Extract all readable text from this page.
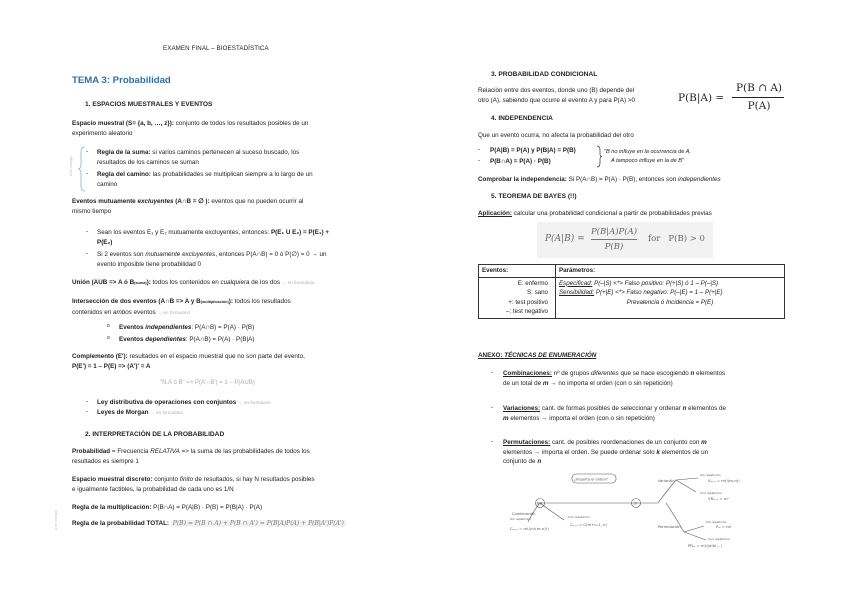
EXAMEN FINAL – BIOESTADÍSTICA
TEMA 3: Probabilidad
1. ESPACIOS MUESTRALES Y EVENTOS
Espacio muestral (S= {a, b, …, z}): conjunto de todos los resultados posibles de un
experimento aleatorio
a mi colegio
- Regla de la suma: si varios caminos pertenecen al suceso buscado, los
resultados de los caminos se suman
- Regla del camino: las probabilidades se multiplican siempre a lo largo de un
camino
Eventos mutuamente excluyentes (A∩B = ∅ ): eventos que no pueden ocurrir al
mismo tiempo
- Sean los eventos E₁ y E₂ mutuamente excluyentes, entonces: P(E₁ U E₂) = P(E₁) +
P(E₂)
- Si 2 eventos son mutuamente excluyentes, entonces P(A∩B) = 0 ó P(∅) = 0 → un
evento imposible tiene probabilidad 0
Unión (AUB => A ó B(suma)): todos los contenidos en cualquiera de los dos → en formulario
Intersección de dos eventos (A∩B => A y B(multiplicación)): todos los resultados
contenidos en ambos eventos → en formulario
o Eventos independientes: P(A∩B) = P(A) · P(B)
o Eventos dependientes: P(A∩B) = P(A) · P(B|A)
Complemento (E'): resultados en el espacio muestral que no son parte del evento,
P(E') = 1 – P(E) => (A')' = A
"N.A ó B" => P(A'∩B') = 1 – P(AUB)
- Ley distributiva de operaciones con conjuntos → en formulario
- Leyes de Morgan → en formulario
2. INTERPRETACIÓN DE LA PROBABILIDAD
Probabilidad = Frecuencia RELATIVA => la suma de las probabilidades de todos los
resultados es siempre 1
Espacio muestral discreto: conjunto finito de resultados, si hay N resultados posibles
e igualmente factibles, la probabilidad de cada uno es 1/N
a mi colegio
Regla de la multiplicación: P(B∩A) = P(A|B) · P(B) = P(B|A) · P(A)
Regla de la probabilidad TOTAL: P(B) = P(B ∩ A) + P(B ∩ A') = P(B|A)P(A) + P(B|A')P(A')
3. PROBABILIDAD CONDICIONAL
Relación entre dos eventos, donde uno (B) depende del
otro (A), sabiendo que ocurre el evento A y para P(A) >0	P(B|A) =
P(B ∩ A)
P(A)
4. INDEPENDENCIA
Que un evento ocurra, no afecta la probabilidad del otro
- P(A|B) = P(A) y P(B|A) = P(B)
- P(B∩A) = P(A) · P(B)
"B no influye en la ocurrencia de A,
A tampoco influye en la de B"
Comprobar la independencia: Si P(A∩B) = P(A) · P(B), entonces son independientes
5. TEOREMA DE BAYES (!!)
Aplicación: calcular una probabilidad condicional a partir de probabilidades previas
P(A|B) =
P(B|A)P(A)
P(B)
for   P(B) > 0
Eventos:	Parámetros:
E: enfermo
S: sano
+: test positivo
–: test negativo	Especificad: P(–|S) <*> Falso positivo: P(+|S) ó 1 – P(–|S)
Sensibilidad: P(+|E) <*> Falso negativo: P(–|E) = 1 – P(+|E)

Prevalencia ó Incidencia = P(E)

ANEXO: TÉCNICAS DE ENUMERACIÓN
- Combinaciones: nº de grupos diferentes que se hace escogiendo n elementos
de un total de m → no importa el orden (con o sin repetición)
- Variaciones: cant. de formas posibles de seleccionar y ordenar n elementos de
m elementos → importa el orden (con o sin repetición)
- Permutaciones: cant. de posibles reordenaciones de un conjunto con m
elementos → importa el orden. Se puede ordenar solo k elementos de un
conjunto de n
¿Importa el orden?
NO	SI
Combinación
Sin repetición	Con repetición
Cₘ,ₙ = m!/(n!(m-n)!)
Cₘ,ₙ = C(m+n-1, n)
Variación
Sin repetición
Con repetición
Vₘ,ₙ = m!/(m-n)!
VRₘ,ₙ = mⁿ
Permutación
Sin repetición
Con repetición
Pₘ = m!
PRₘ = m!/(a!b!…)
